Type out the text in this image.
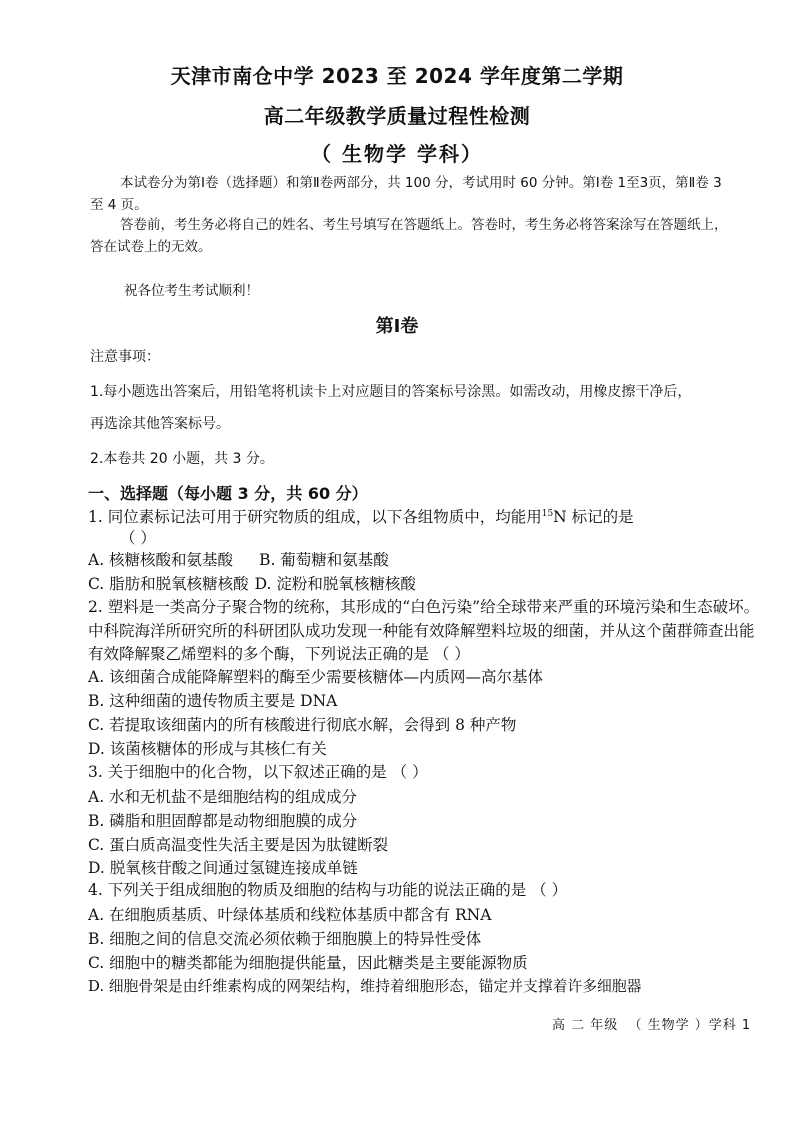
天津市南仓中学 2023 至 2024 学年度第二学期
高二年级教学质量过程性检测
（ 生物学 学科）
本试卷分为第Ⅰ卷（选择题）和第Ⅱ卷两部分，共 100 分，考试用时 60 分钟。第Ⅰ卷 1至3页，第Ⅱ卷 3 至 4 页。
答卷前，考生务必将自己的姓名、考生号填写在答题纸上。答卷时，考生务必将答案涂写在答题纸上，答在试卷上的无效。
祝各位考生考试顺利！
第Ⅰ卷
注意事项：
1.每小题选出答案后，用铅笔将机读卡上对应题目的答案标号涂黑。如需改动，用橡皮擦干净后，
再选涂其他答案标号。
2.本卷共 20 小题，共 3 分。
一、选择题（每小题 3 分，共 60 分）
1. 同位素标记法可用于研究物质的组成，以下各组物质中，均能用$^{15}$N 标记的是
（ ）
A. 核糖核酸和氨基酸 B. 葡萄糖和氨基酸
C. 脂肪和脱氧核糖核酸 D. 淀粉和脱氧核糖核酸
2. 塑料是一类高分子聚合物的统称，其形成的“白色污染”给全球带来严重的环境污染和生态破坏。中科院海洋所研究所的科研团队成功发现一种能有效降解塑料垃圾的细菌，并从这个菌群筛查出能有效降解聚乙烯塑料的多个酶，下列说法正确的是 （ ）
A. 该细菌合成能降解塑料的酶至少需要核糖体—内质网—高尔基体
B. 这种细菌的遗传物质主要是 DNA
C. 若提取该细菌内的所有核酸进行彻底水解，会得到 8 种产物
D. 该菌核糖体的形成与其核仁有关
3. 关于细胞中的化合物，以下叙述正确的是 （ ）
A. 水和无机盐不是细胞结构的组成成分
B. 磷脂和胆固醇都是动物细胞膜的成分
C. 蛋白质高温变性失活主要是因为肽键断裂
D. 脱氧核苷酸之间通过氢键连接成单链
4. 下列关于组成细胞的物质及细胞的结构与功能的说法正确的是 （ ）
A. 在细胞质基质、叶绿体基质和线粒体基质中都含有 RNA
B. 细胞之间的信息交流必须依赖于细胞膜上的特异性受体
C. 细胞中的糖类都能为细胞提供能量，因此糖类是主要能源物质
D. 细胞骨架是由纤维素构成的网架结构，维持着细胞形态，锚定并支撑着许多细胞器
高 二 年级  （ 生物学 ）学科 1
